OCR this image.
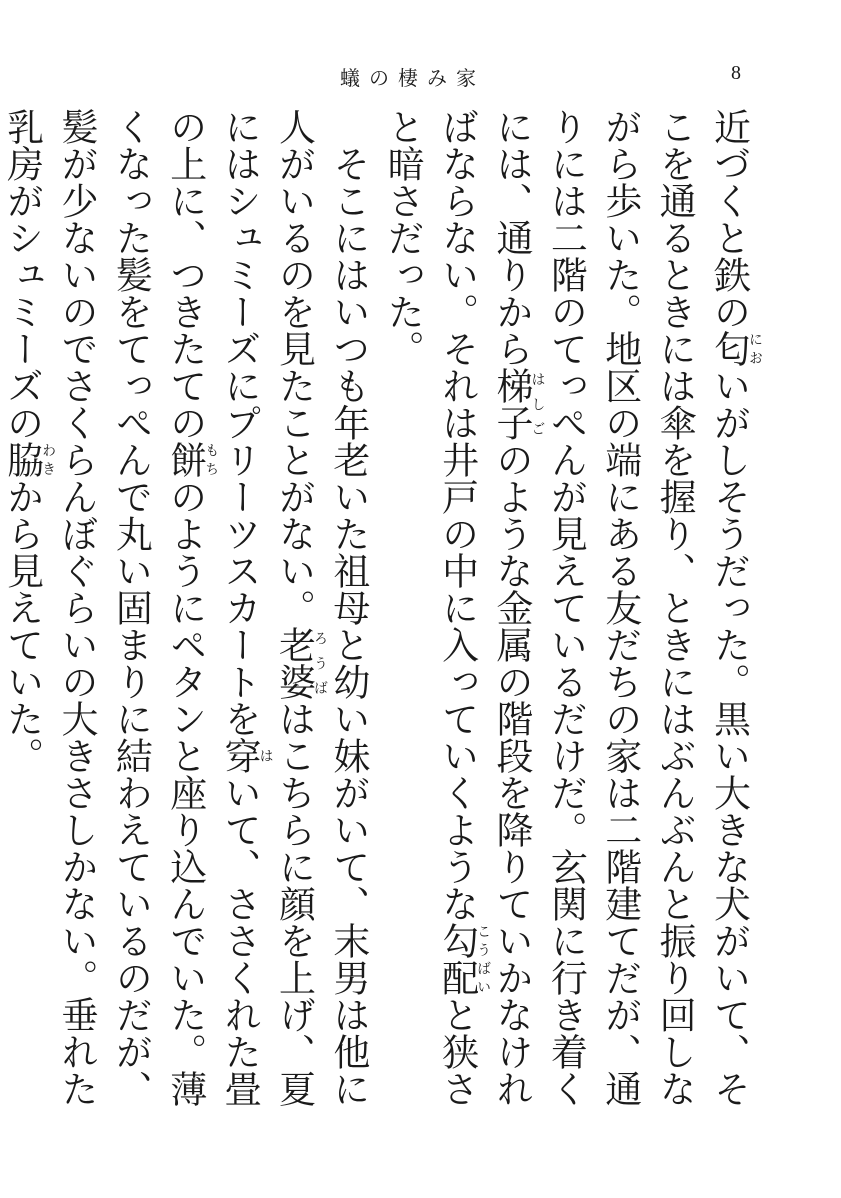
蟻の棲み家	8

近づくと鉄の匂においがしそうだった。黒い大きな犬がいて、そこを通るときには傘を握り、ときにはぶんぶんと振り回しながら歩いた。地区の端にある友だちの家は二階建てだが、通りには二階のてっぺんが見えているだけだ。玄関に行き着くには、通りから梯子はしごのような金属の階段を降りていかなければならない。それは井戸の中に入っていくような勾配こうばいと狭さと暗さだった。

そこにはいつも年老いた祖母と幼い妹がいて、末男は他に人がいるのを見たことがない。老婆ろうばはこちらに顔を上げ、夏にはシュミーズにプリーツスカートを穿はいて、ささくれた畳の上に、つきたての餅もちのようにペタンと座り込んでいた。薄くなった髪をてっぺんで丸い固まりに結わえているのだが、髪が少ないのでさくらんぼぐらいの大きさしかない。垂れた乳房がシュミーズの脇わきから見えていた。
